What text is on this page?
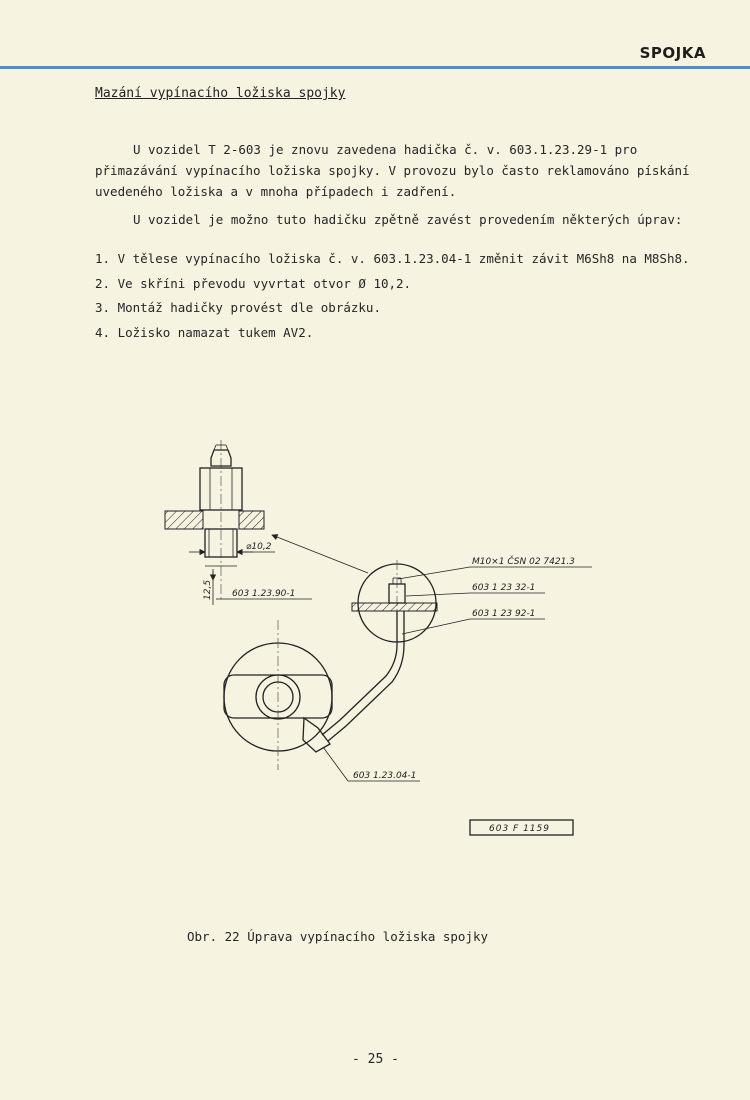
SPOJKA
Mazání vypínacího ložiska spojky
U vozidel T 2-603 je znovu zavedena hadička č. v. 603.1.23.29-1 pro přimazávání vypínacího ložiska spojky. V provozu bylo často reklamováno pískání uvedeného ložiska a v mnoha případech i zadření.
U vozidel je možno tuto hadičku zpětně zavést provedením některých úprav:
1. V tělese vypínacího ložiska č. v. 603.1.23.04-1 změnit závit M6Sh8 na M8Sh8.
2. Ve skříni převodu vyvrtat otvor Ø 10,2.
3. Montáž hadičky provést dle obrázku.
4. Ložisko namazat tukem AV2.
⌀10,2
12,5 603 1.23.90-1
M10×1 ČSN 02 7421.3
603 1 23 32-1
603 1 23 92-1
603 1.23.04-1
603 F 1159
Obr. 22 Úprava vypínacího ložiska spojky
- 25 -
